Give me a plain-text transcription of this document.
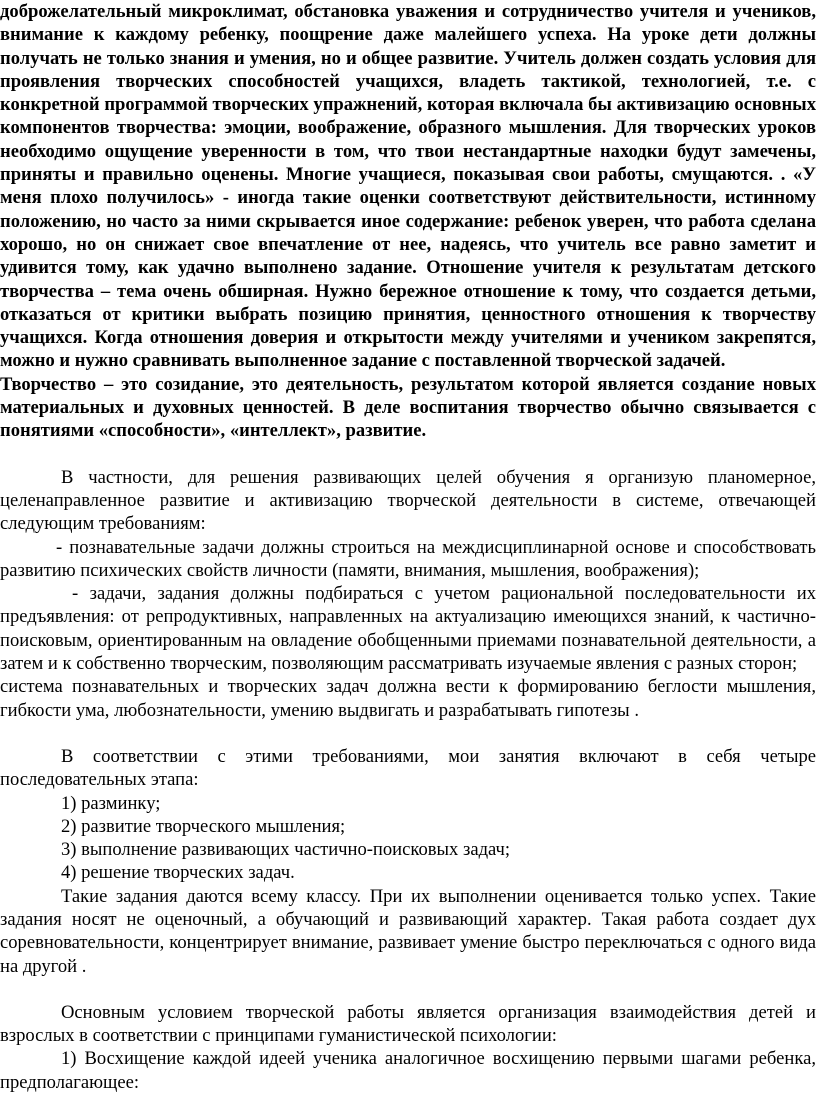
доброжелательный микроклимат, обстановка уважения и сотрудничество учителя и учеников, внимание к каждому ребенку, поощрение даже малейшего успеха. На уроке дети должны получать не только знания и умения, но и общее развитие. Учитель должен создать условия для проявления творческих способностей учащихся, владеть тактикой, технологией, т.е. с конкретной программой творческих упражнений, которая включала бы активизацию основных компонентов творчества: эмоции, воображение, образного мышления. Для творческих уроков необходимо ощущение уверенности в том, что твои нестандартные находки будут замечены, приняты и правильно оценены. Многие учащиеся, показывая свои работы, смущаются. . «У меня плохо получилось» - иногда такие оценки соответствуют действительности, истинному положению, но часто за ними скрывается иное содержание: ребенок уверен, что работа сделана хорошо, но он снижает свое впечатление от нее, надеясь, что учитель все равно заметит и удивится тому, как удачно выполнено задание. Отношение учителя к результатам детского творчества – тема очень обширная. Нужно бережное отношение к тому, что создается детьми, отказаться от критики выбрать позицию принятия, ценностного отношения к творчеству учащихся. Когда отношения доверия и открытости между учителями и учеником закрепятся, можно и нужно сравнивать выполненное задание с поставленной творческой задачей.

Творчество – это созидание, это деятельность, результатом которой является создание новых материальных и духовных ценностей. В деле воспитания творчество обычно связывается с понятиями «способности», «интеллект», развитие.

В частности, для решения развивающих целей обучения я организую планомерное, целенаправленное развитие и активизацию творческой деятельности в системе, отвечающей следующим требованиям:

- познавательные задачи должны строиться на междисциплинарной основе и способствовать развитию психических свойств личности (памяти, внимания, мышления, воображения);

- задачи, задания должны подбираться с учетом рациональной последовательности их предъявления: от репродуктивных, направленных на актуализацию имеющихся знаний, к частично-поисковым, ориентированным на овладение обобщенными приемами познавательной деятельности, а затем и к собственно творческим, позволяющим рассматривать изучаемые явления с разных сторон;

система познавательных и творческих задач должна вести к формированию беглости мышления, гибкости ума, любознательности, умению выдвигать и разрабатывать гипотезы .

В соответствии с этими требованиями, мои занятия включают в себя четыре последовательных этапа:

1) разминку;

2) развитие творческого мышления;

3) выполнение развивающих частично-поисковых задач;

4) решение творческих задач.

Такие задания даются всему классу. При их выполнении оценивается только успех. Такие задания носят не оценочный, а обучающий и развивающий характер. Такая работа создает дух соревновательности, концентрирует внимание, развивает умение быстро переключаться с одного вида на другой .

Основным условием творческой работы является организация взаимодействия детей и взрослых в соответствии с принципами гуманистической психологии:

1) Восхищение каждой идеей ученика аналогичное восхищению первыми шагами ребенка, предполагающее:
